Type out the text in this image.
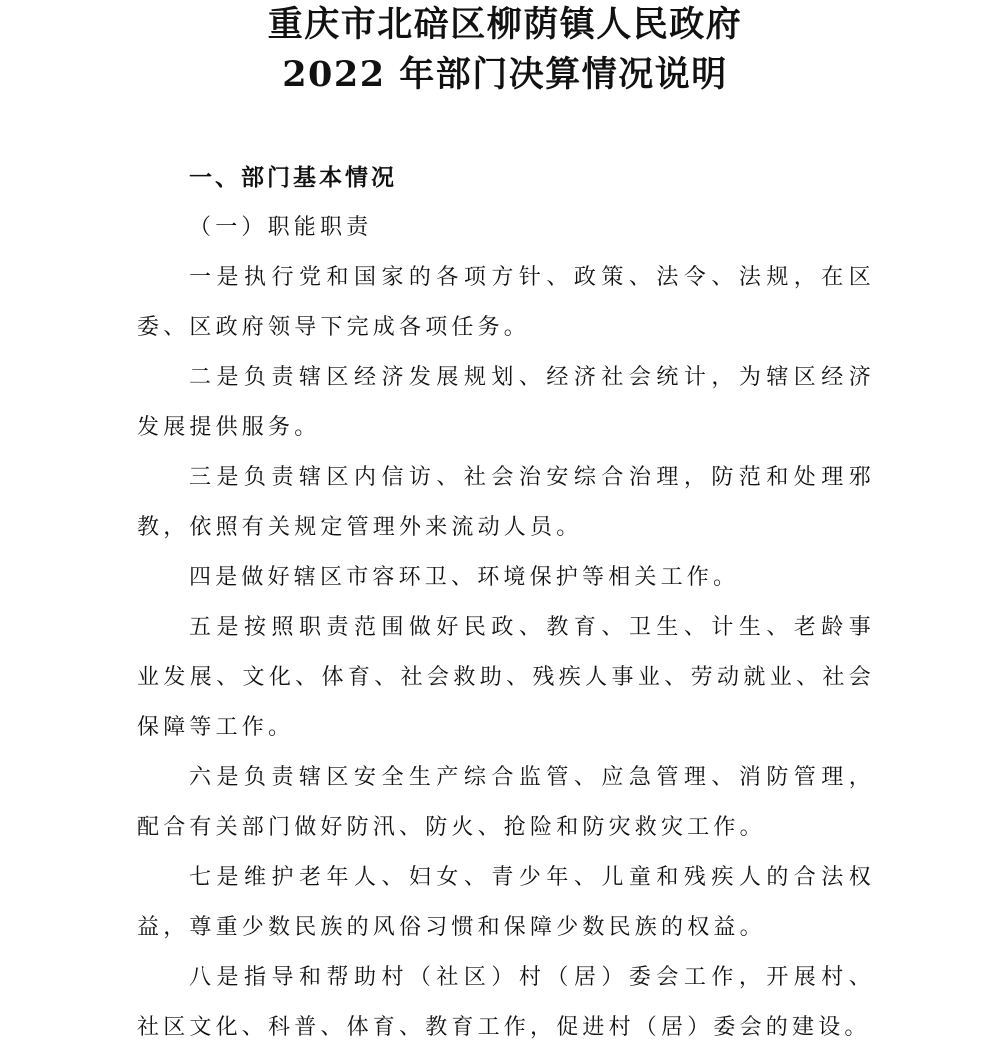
重庆市北碚区柳荫镇人民政府
2022 年部门决算情况说明
一、部门基本情况
（一）职能职责
一是执行党和国家的各项方针、政策、法令、法规，在区
委、区政府领导下完成各项任务。
二是负责辖区经济发展规划、经济社会统计，为辖区经济
发展提供服务。
三是负责辖区内信访、社会治安综合治理，防范和处理邪
教，依照有关规定管理外来流动人员。
四是做好辖区市容环卫、环境保护等相关工作。
五是按照职责范围做好民政、教育、卫生、计生、老龄事
业发展、文化、体育、社会救助、残疾人事业、劳动就业、社会
保障等工作。
六是负责辖区安全生产综合监管、应急管理、消防管理，
配合有关部门做好防汛、防火、抢险和防灾救灾工作。
七是维护老年人、妇女、青少年、儿童和残疾人的合法权
益，尊重少数民族的风俗习惯和保障少数民族的权益。
八是指导和帮助村（社区）村（居）委会工作，开展村、
社区文化、科普、体育、教育工作，促进村（居）委会的建设。
